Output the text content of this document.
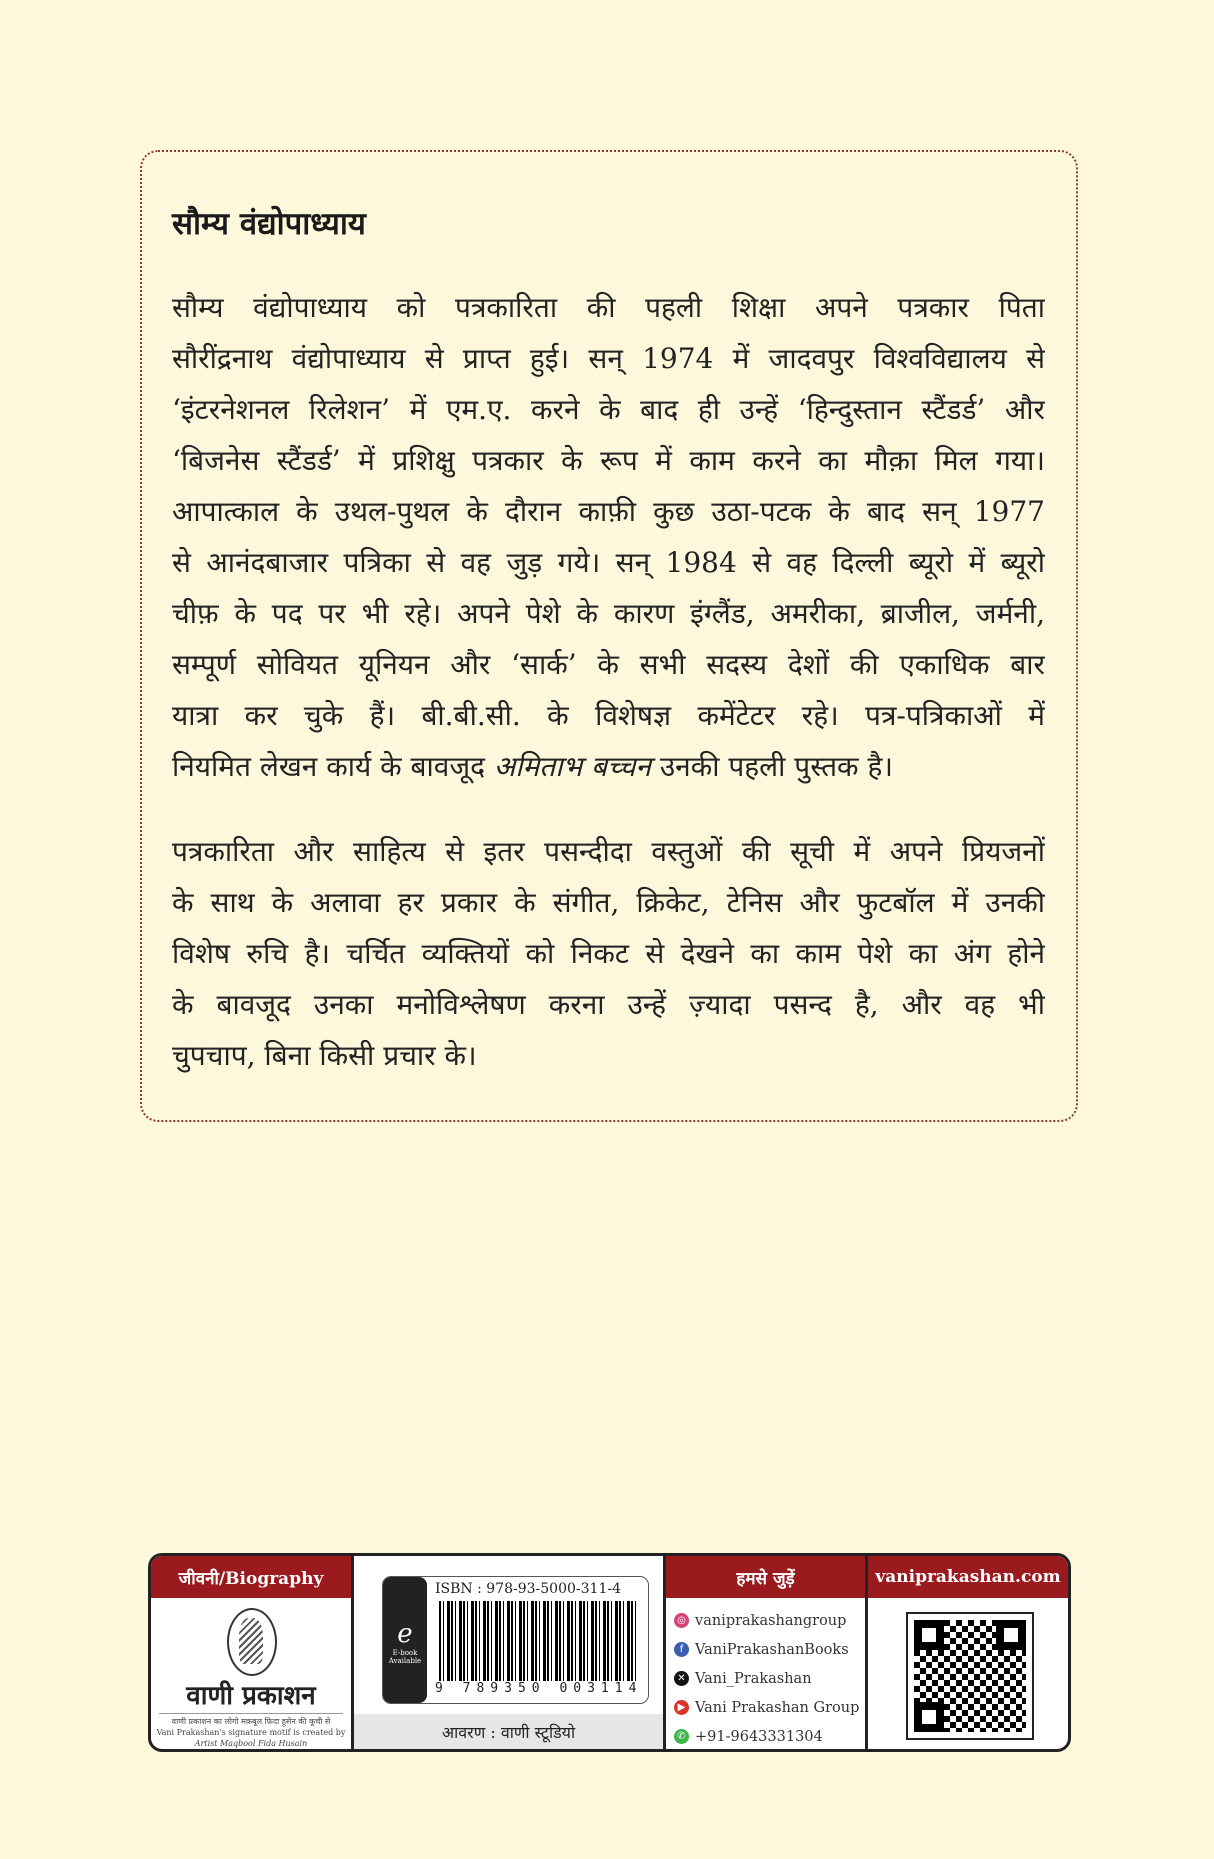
सौम्य वंद्योपाध्याय
सौम्य वंद्योपाध्याय को पत्रकारिता की पहली शिक्षा अपने पत्रकार पिता
सौरींद्रनाथ वंद्योपाध्याय से प्राप्त हुई। सन् 1974 में जादवपुर विश्वविद्यालय से
‘इंटरनेशनल रिलेशन’ में एम.ए. करने के बाद ही उन्हें ‘हिन्दुस्तान स्टैंडर्ड’ और
‘बिजनेस स्टैंडर्ड’ में प्रशिक्षु पत्रकार के रूप में काम करने का मौक़ा मिल गया।
आपात्काल के उथल-पुथल के दौरान काफ़ी कुछ उठा-पटक के बाद सन् 1977
से आनंदबाजार पत्रिका से वह जुड़ गये। सन् 1984 से वह दिल्ली ब्यूरो में ब्यूरो
चीफ़ के पद पर भी रहे। अपने पेशे के कारण इंग्लैंड, अमरीका, ब्राजील, जर्मनी,
सम्पूर्ण सोवियत यूनियन और ‘सार्क’ के सभी सदस्य देशों की एकाधिक बार
यात्रा कर चुके हैं। बी.बी.सी. के विशेषज्ञ कमेंटेटर रहे। पत्र-पत्रिकाओं में
नियमित लेखन कार्य के बावजूद अमिताभ बच्चन उनकी पहली पुस्तक है।
पत्रकारिता और साहित्य से इतर पसन्दीदा वस्तुओं की सूची में अपने प्रियजनों
के साथ के अलावा हर प्रकार के संगीत, क्रिकेट, टेनिस और फुटबॉल में उनकी
विशेष रुचि है। चर्चित व्यक्तियों को निकट से देखने का काम पेशे का अंग होने
के बावजूद उनका मनोविश्लेषण करना उन्हें ज़्यादा पसन्द है, और वह भी
चुपचाप, बिना किसी प्रचार के।
जीवनी/Biography
वाणी प्रकाशन
वाणी प्रकाशन का लोगो मक़बूल फ़िदा हुसेन की कूची से
Vani Prakashan's signature motif is created by
Artist Maqbool Fida Husain
e
E-book Available
ISBN : 978-93-5000-311-4
9 789350 003114
आवरण : वाणी स्टूडियो
हमसे जुड़ें
◎ vaniprakashangroup
f VaniPrakashanBooks
✕ Vani_Prakashan
▶ Vani Prakashan Group
✆ +91-9643331304
vaniprakashan.com
